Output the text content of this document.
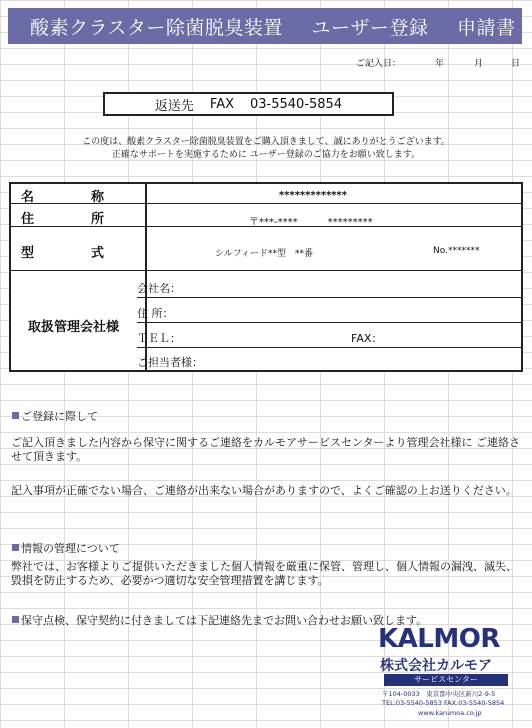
酸素クラスター除菌脱臭装置 ユーザー登録 申請書
ご記入日：	年	月	日
返送先 FAX 03-5540-5854
この度は、酸素クラスター除菌脱臭装置をご購入頂きまして、誠にありがとうございます。
正確なサポートを実施するために ユーザー登録のご協力をお願い致します。
名　称	*************
住　所	〒***-****　　　*********
型　式	シルフィード**型　**番	No.*******
取扱管理会社様
会社名：
住 所：
ＴＥＬ：	FAX：
ご担当者様：
ご登録に際して
ご記入頂きました内容から保守に関するご連絡をカルモアサービスセンターより管理会社様に ご連絡させて頂きます。
記入事項が正確でない場合、ご連絡が出来ない場合がありますので、よくご確認の上お送りください。
情報の管理について
弊社では、お客様よりご提供いただきました個人情報を厳重に保管、管理し、個人情報の漏洩、滅失、毀損を防止するため、必要かつ適切な安全管理措置を講じます。
保守点検、保守契約に付きましては下記連絡先までお問い合わせお願い致します。
KALMOR
株式会社カルモア
サービスセンター
〒104-0033　東京都中央区新川2-9-5
TEL:03-5540-5853 FAX:03-5540-5854
www.karumoa.co.jp
